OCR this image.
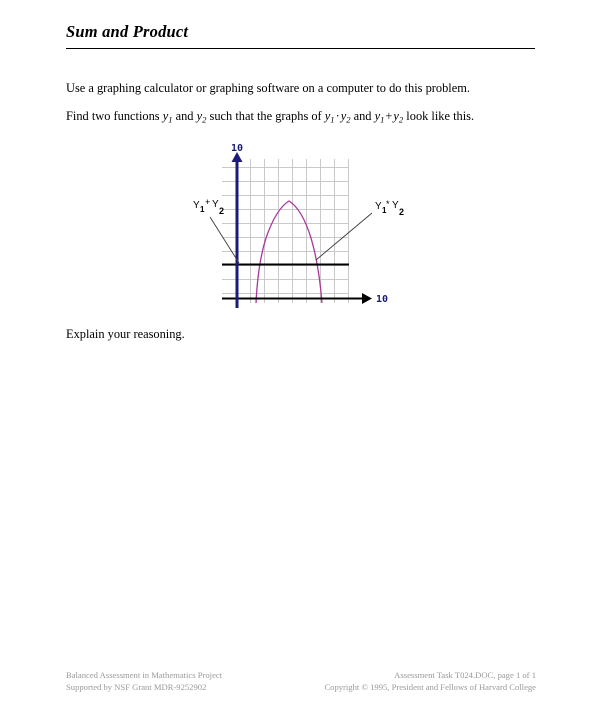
Sum and Product
Use a graphing calculator or graphing software on a computer to do this problem.
Find two functions y1 and y2 such that the graphs of y1·y2 and y1+y2 look like this.
10
10
Y 1
+ Y
2	Y 1
* Y
2
Explain your reasoning.
Balanced Assessment in Mathematics Project	Assessment Task T024.DOC, page 1 of 1
Supported by NSF Grant MDR-9252902	Copyright © 1995, President and Fellows of Harvard College
